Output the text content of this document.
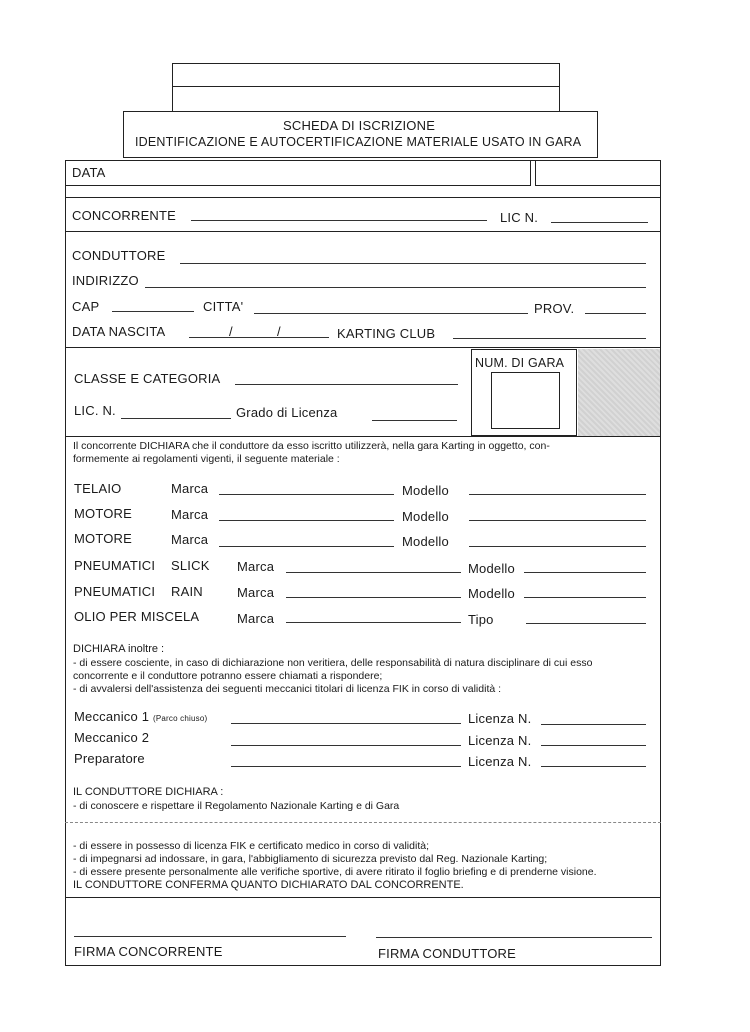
SCHEDA DI ISCRIZIONE
IDENTIFICAZIONE E AUTOCERTIFICAZIONE MATERIALE USATO IN GARA
DATA
CONCORRENTE	LIC N.
CONDUTTORE
INDIRIZZO
CAP	CITTA'	PROV.
DATA NASCITA	/	/	KARTING CLUB
CLASSE E CATEGORIA
LIC. N.	Grado di Licenza
NUM. DI GARA
Il concorrente DICHIARA che il conduttore da esso iscritto utilizzerà, nella gara Karting in oggetto, con-
formemente ai regolamenti vigenti, il seguente materiale :
TELAIO	Marca	Modello
MOTORE	Marca	Modello
MOTORE	Marca	Modello
PNEUMATICI SLICK Marca	Modello
PNEUMATICI RAIN	Marca	Modello
OLIO PER MISCELA	Marca	Tipo
DICHIARA inoltre :
- di essere cosciente, in caso di dichiarazione non veritiera, delle responsabilità di natura disciplinare di cui esso
concorrente e il conduttore potranno essere chiamati a rispondere;
- di avvalersi dell'assistenza dei seguenti meccanici titolari di licenza FIK in corso di validità :
Meccanico 1 (Parco chiuso)	Licenza N.
Meccanico 2	Licenza N.
Preparatore	Licenza N.
IL CONDUTTORE DICHIARA :
- di conoscere e rispettare il Regolamento Nazionale Karting e di Gara
- di essere in possesso di licenza FIK e certificato medico in corso di validità;
- di impegnarsi ad indossare, in gara, l'abbigliamento di sicurezza previsto dal Reg. Nazionale Karting;
- di essere presente personalmente alle verifiche sportive, di avere ritirato il foglio briefing e di prenderne visione.
IL CONDUTTORE CONFERMA QUANTO DICHIARATO DAL CONCORRENTE.
FIRMA CONCORRENTE	FIRMA CONDUTTORE
